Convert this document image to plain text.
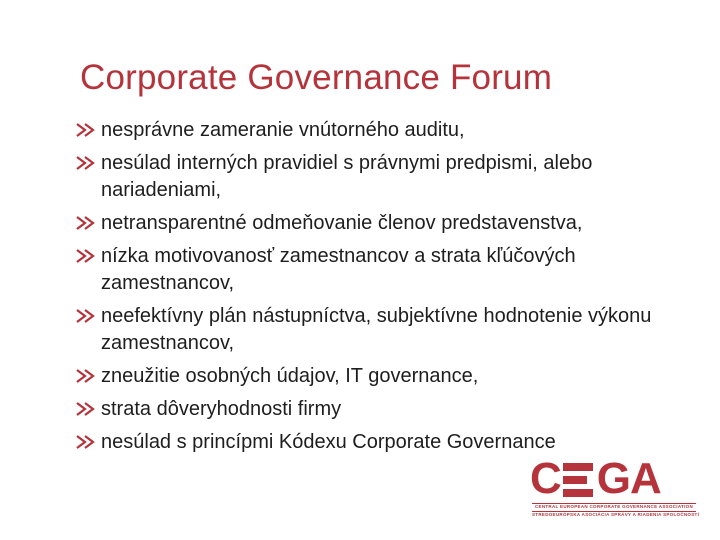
Corporate Governance Forum
nesprávne zameranie vnútorného auditu,
nesúlad interných pravidiel s právnymi predpismi, alebo nariadeniami,
netransparentné odmeňovanie členov predstavenstva,
nízka motivovanosť zamestnancov a strata kľúčových zamestnancov,
neefektívny plán nástupníctva, subjektívne hodnotenie výkonu zamestnancov,
zneužitie osobných údajov, IT governance,
strata dôveryhodnosti firmy
nesúlad s princípmi Kódexu Corporate Governance
C GA
CENTRAL EUROPEAN CORPORATE GOVERNANCE ASSOCIATION
STREDOEURÓPSKA ASOCIÁCIA SPRÁVY A RIADENIA SPOLOČNOSTÍ
